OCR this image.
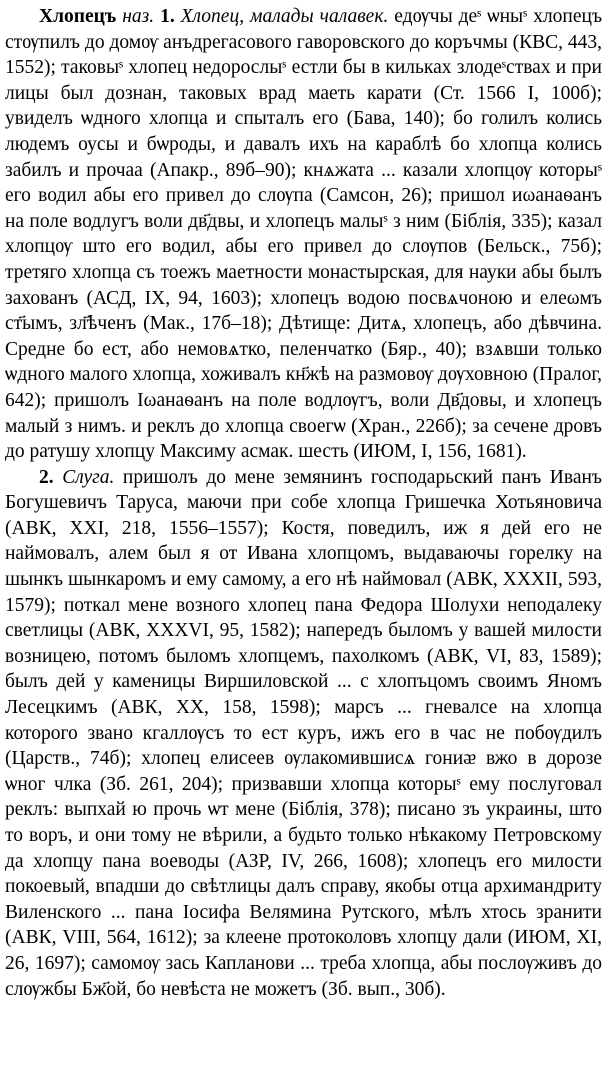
Хлопецъ наз. 1. Хлопец, малады чалавек. едѹчы деˢ ѡныˢ хлопецъ стѹпилъ до домѹ анъдрегасового гаворовского до коръчмы (КВС, 443, 1552); таковыˢ хлопец недорослыˢ естли бы в кильках злодеˢствах и при лицы был дознан, таковых врад маеть карати (Ст. 1566 I, 100б); увиделъ ѡдного хлопца и спыталъ его (Бава, 140); бо голилъ колись людемъ оусы и бѡроды, и давалъ ихъ на караблѣ бо хлопца колись забилъ и прочаа (Апакр., 89б–90); кнѧжата ... казали хлопцѹ которыˢ его водил абы его привел до слѹпа (Самсон, 26); пришол иωанаѳанъ на поле водлугъ воли дв҃двы, и хлопецъ малыˢ з ним (Біблія, 335); казал хлопцѹ што его водил, абы его привел до слѹпов (Бельск., 75б); третяго хлопца съ тоежъ маетности монастырская, для науки абы былъ захованъ (АСД, IX, 94, 1603); хлопецъ водою посвѧчоною и елеωмъ ст҃ымъ, зл҃ѣченъ (Мак., 17б–18); Дѣтище: Дитѧ, хлопецъ, або дѣвчина. Средне бо ест, або немовѧтко, пеленчатко (Бяр., 40); взѧвши только ѡдного малого хлопца, хоживалъ кн҃жѣ на размовѹ дѹховною (Пралог, 642); пришолъ Іωанаѳанъ на поле водлѹгъ, воли Дв҃довы, и хлопецъ малый з нимъ. и реклъ до хлопца своегѡ (Хран., 226б); за сечене дровъ до ратушу хлопцу Максиму асмак. шесть (ИЮМ, I, 156, 1681).

2. Слуга. пришолъ до мене земянинъ господарьский панъ Иванъ Богушевичъ Таруса, маючи при собе хлопца Гришечка Хотьяновича (АВК, XXI, 218, 1556–1557); Костя, поведилъ, иж я дей его не наймовалъ, алем был я от Ивана хлопцомъ, выдаваючы горелку на шынкъ шынкаромъ и ему самому, а его нѣ наймовал (АВК, XXXII, 593, 1579); поткал мене возного хлопец пана Федора Шолухи неподалеку светлицы (АВК, XXXVI, 95, 1582); напередъ быломъ у вашей милости возницею, потомъ быломъ хлопцемъ, пахолкомъ (АВК, VI, 83, 1589); былъ дей у каменицы Виршиловской ... с хлопъцомъ своимъ Яномъ Лесецкимъ (АВК, XX, 158, 1598); марсъ ... гневалсе на хлопца которого звано кгаллѹсъ то ест куръ, ижъ его в час не побѹдилъ (Царств., 74б); хлопец елисеев ѹлакомившисѧ гониᴂ вжо в дорозе ѡног члка (Зб. 261, 204); призвавши хлопца которыˢ ему послуговал реклъ: выпхай ю прочь ѡт мене (Біблія, 378); писано зъ украины, што то воръ, и они тому не вѣрили, а будьто только нѣкакому Петровскому да хлопцу пана воеводы (АЗР, IV, 266, 1608); хлопецъ его милости покоевый, впадши до свѣтлицы далъ справу, якобы отца архимандриту Виленского ... пана Іосифа Велямина Рутского, мѣлъ хтось зранити (АВК, VIII, 564, 1612); за клеене протоколовъ хлопцу дали (ИЮМ, XI, 26, 1697); самомѹ зась Капланови ... треба хлопца, абы послѹживъ до слѹжбы Бж҃ой, бо невѣста не можетъ (Зб. вып., 30б).
